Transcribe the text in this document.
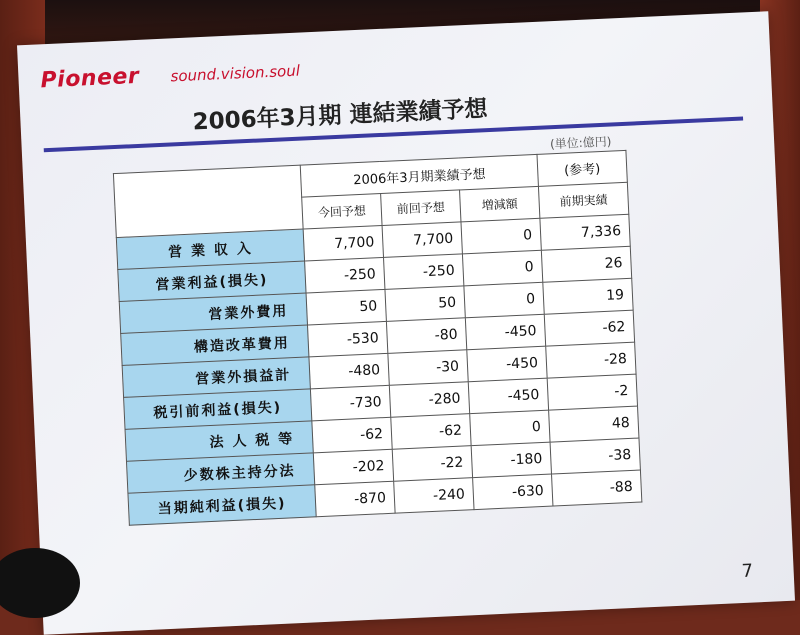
Pioneer sound.vision.soul
2006年3月期 連結業績予想
(単位:億円)
	2006年3月期業績予想			(参考)
	今回予想	前回予想	増減額	前期実績
営 業 収 入	7,700	7,700	0	7,336
営業利益(損失)	-250	-250	0	26
営業外費用	50	50	0	19
構造改革費用	-530	-80	-450	-62
営業外損益計	-480	-30	-450	-28
税引前利益(損失)	-730	-280	-450	-2
法 人 税 等	-62	-62	0	48
少数株主持分法	-202	-22	-180	-38
当期純利益(損失)	-870	-240	-630	-88
7
